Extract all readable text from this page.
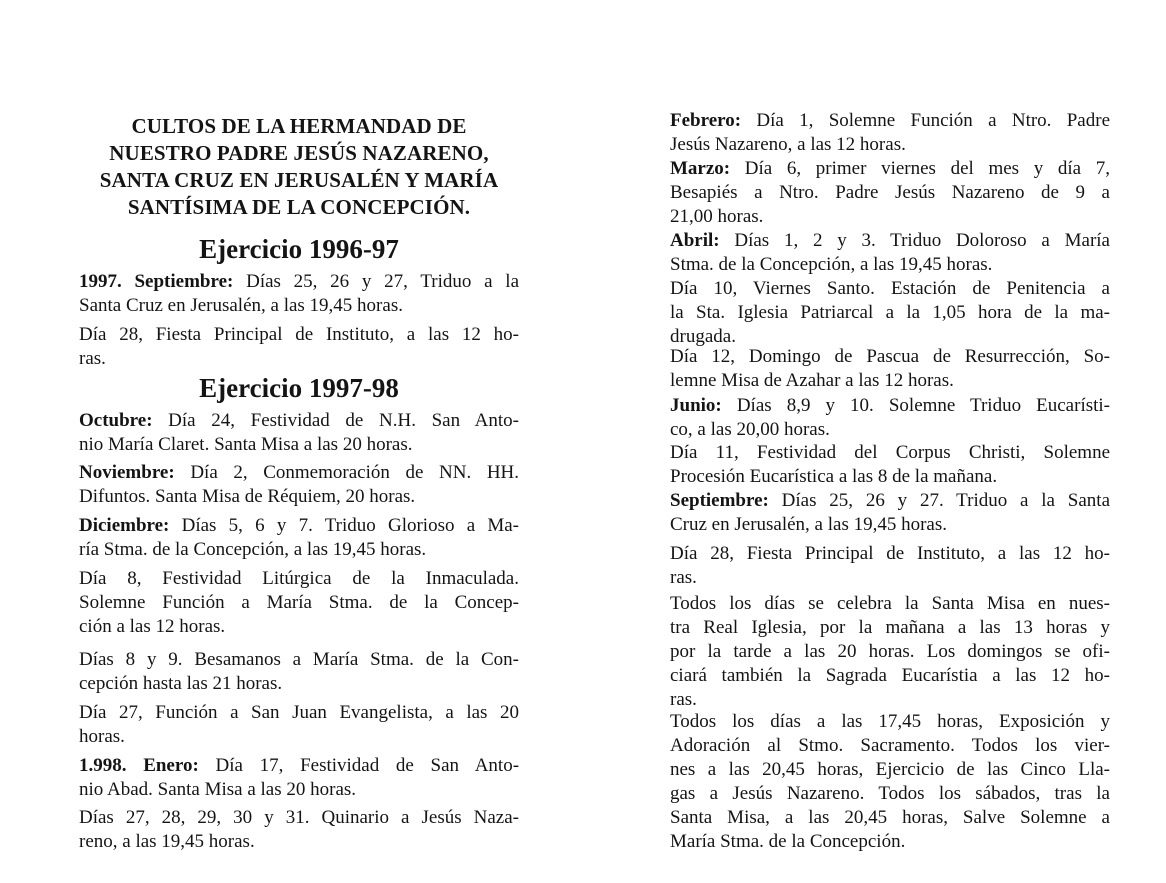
CULTOS DE LA HERMANDAD DE
NUESTRO PADRE JESÚS NAZARENO,
SANTA CRUZ EN JERUSALÉN Y MARÍA
SANTÍSIMA DE LA CONCEPCIÓN.
Ejercicio 1996-97
1997. Septiembre: Días 25, 26 y 27, Triduo a la
Santa Cruz en Jerusalén, a las 19,45 horas.
Día 28, Fiesta Principal de Instituto, a las 12 ho-
ras.
Ejercicio 1997-98
Octubre: Día 24, Festividad de N.H. San Anto-
nio María Claret. Santa Misa a las 20 horas.
Noviembre: Día 2, Conmemoración de NN. HH.
Difuntos. Santa Misa de Réquiem, 20 horas.
Diciembre: Días 5, 6 y 7. Triduo Glorioso a Ma-
ría Stma. de la Concepción, a las 19,45 horas.
Día 8, Festividad Litúrgica de la Inmaculada.
Solemne Función a María Stma. de la Concep-
ción a las 12 horas.
Días 8 y 9. Besamanos a María Stma. de la Con-
cepción hasta las 21 horas.
Día 27, Función a San Juan Evangelista, a las 20
horas.
1.998. Enero: Día 17, Festividad de San Anto-
nio Abad. Santa Misa a las 20 horas.
Días 27, 28, 29, 30 y 31. Quinario a Jesús Naza-
reno, a las 19,45 horas.
Febrero: Día 1, Solemne Función a Ntro. Padre
Jesús Nazareno, a las 12 horas.
Marzo: Día 6, primer viernes del mes y día 7,
Besapiés a Ntro. Padre Jesús Nazareno de 9 a
21,00 horas.
Abril: Días 1, 2 y 3. Triduo Doloroso a María
Stma. de la Concepción, a las 19,45 horas.
Día 10, Viernes Santo. Estación de Penitencia a
la Sta. Iglesia Patriarcal a la 1,05 hora de la ma-
drugada.
Día 12, Domingo de Pascua de Resurrección, So-
lemne Misa de Azahar a las 12 horas.
Junio: Días 8,9 y 10. Solemne Triduo Eucarísti-
co, a las 20,00 horas.
Día 11, Festividad del Corpus Christi, Solemne
Procesión Eucarística a las 8 de la mañana.
Septiembre: Días 25, 26 y 27. Triduo a la Santa
Cruz en Jerusalén, a las 19,45 horas.
Día 28, Fiesta Principal de Instituto, a las 12 ho-
ras.
Todos los días se celebra la Santa Misa en nues-
tra Real Iglesia, por la mañana a las 13 horas y
por la tarde a las 20 horas. Los domingos se ofi-
ciará también la Sagrada Eucarístia a las 12 ho-
ras.
Todos los días a las 17,45 horas, Exposición y
Adoración al Stmo. Sacramento. Todos los vier-
nes a las 20,45 horas, Ejercicio de las Cinco Lla-
gas a Jesús Nazareno. Todos los sábados, tras la
Santa Misa, a las 20,45 horas, Salve Solemne a
María Stma. de la Concepción.
